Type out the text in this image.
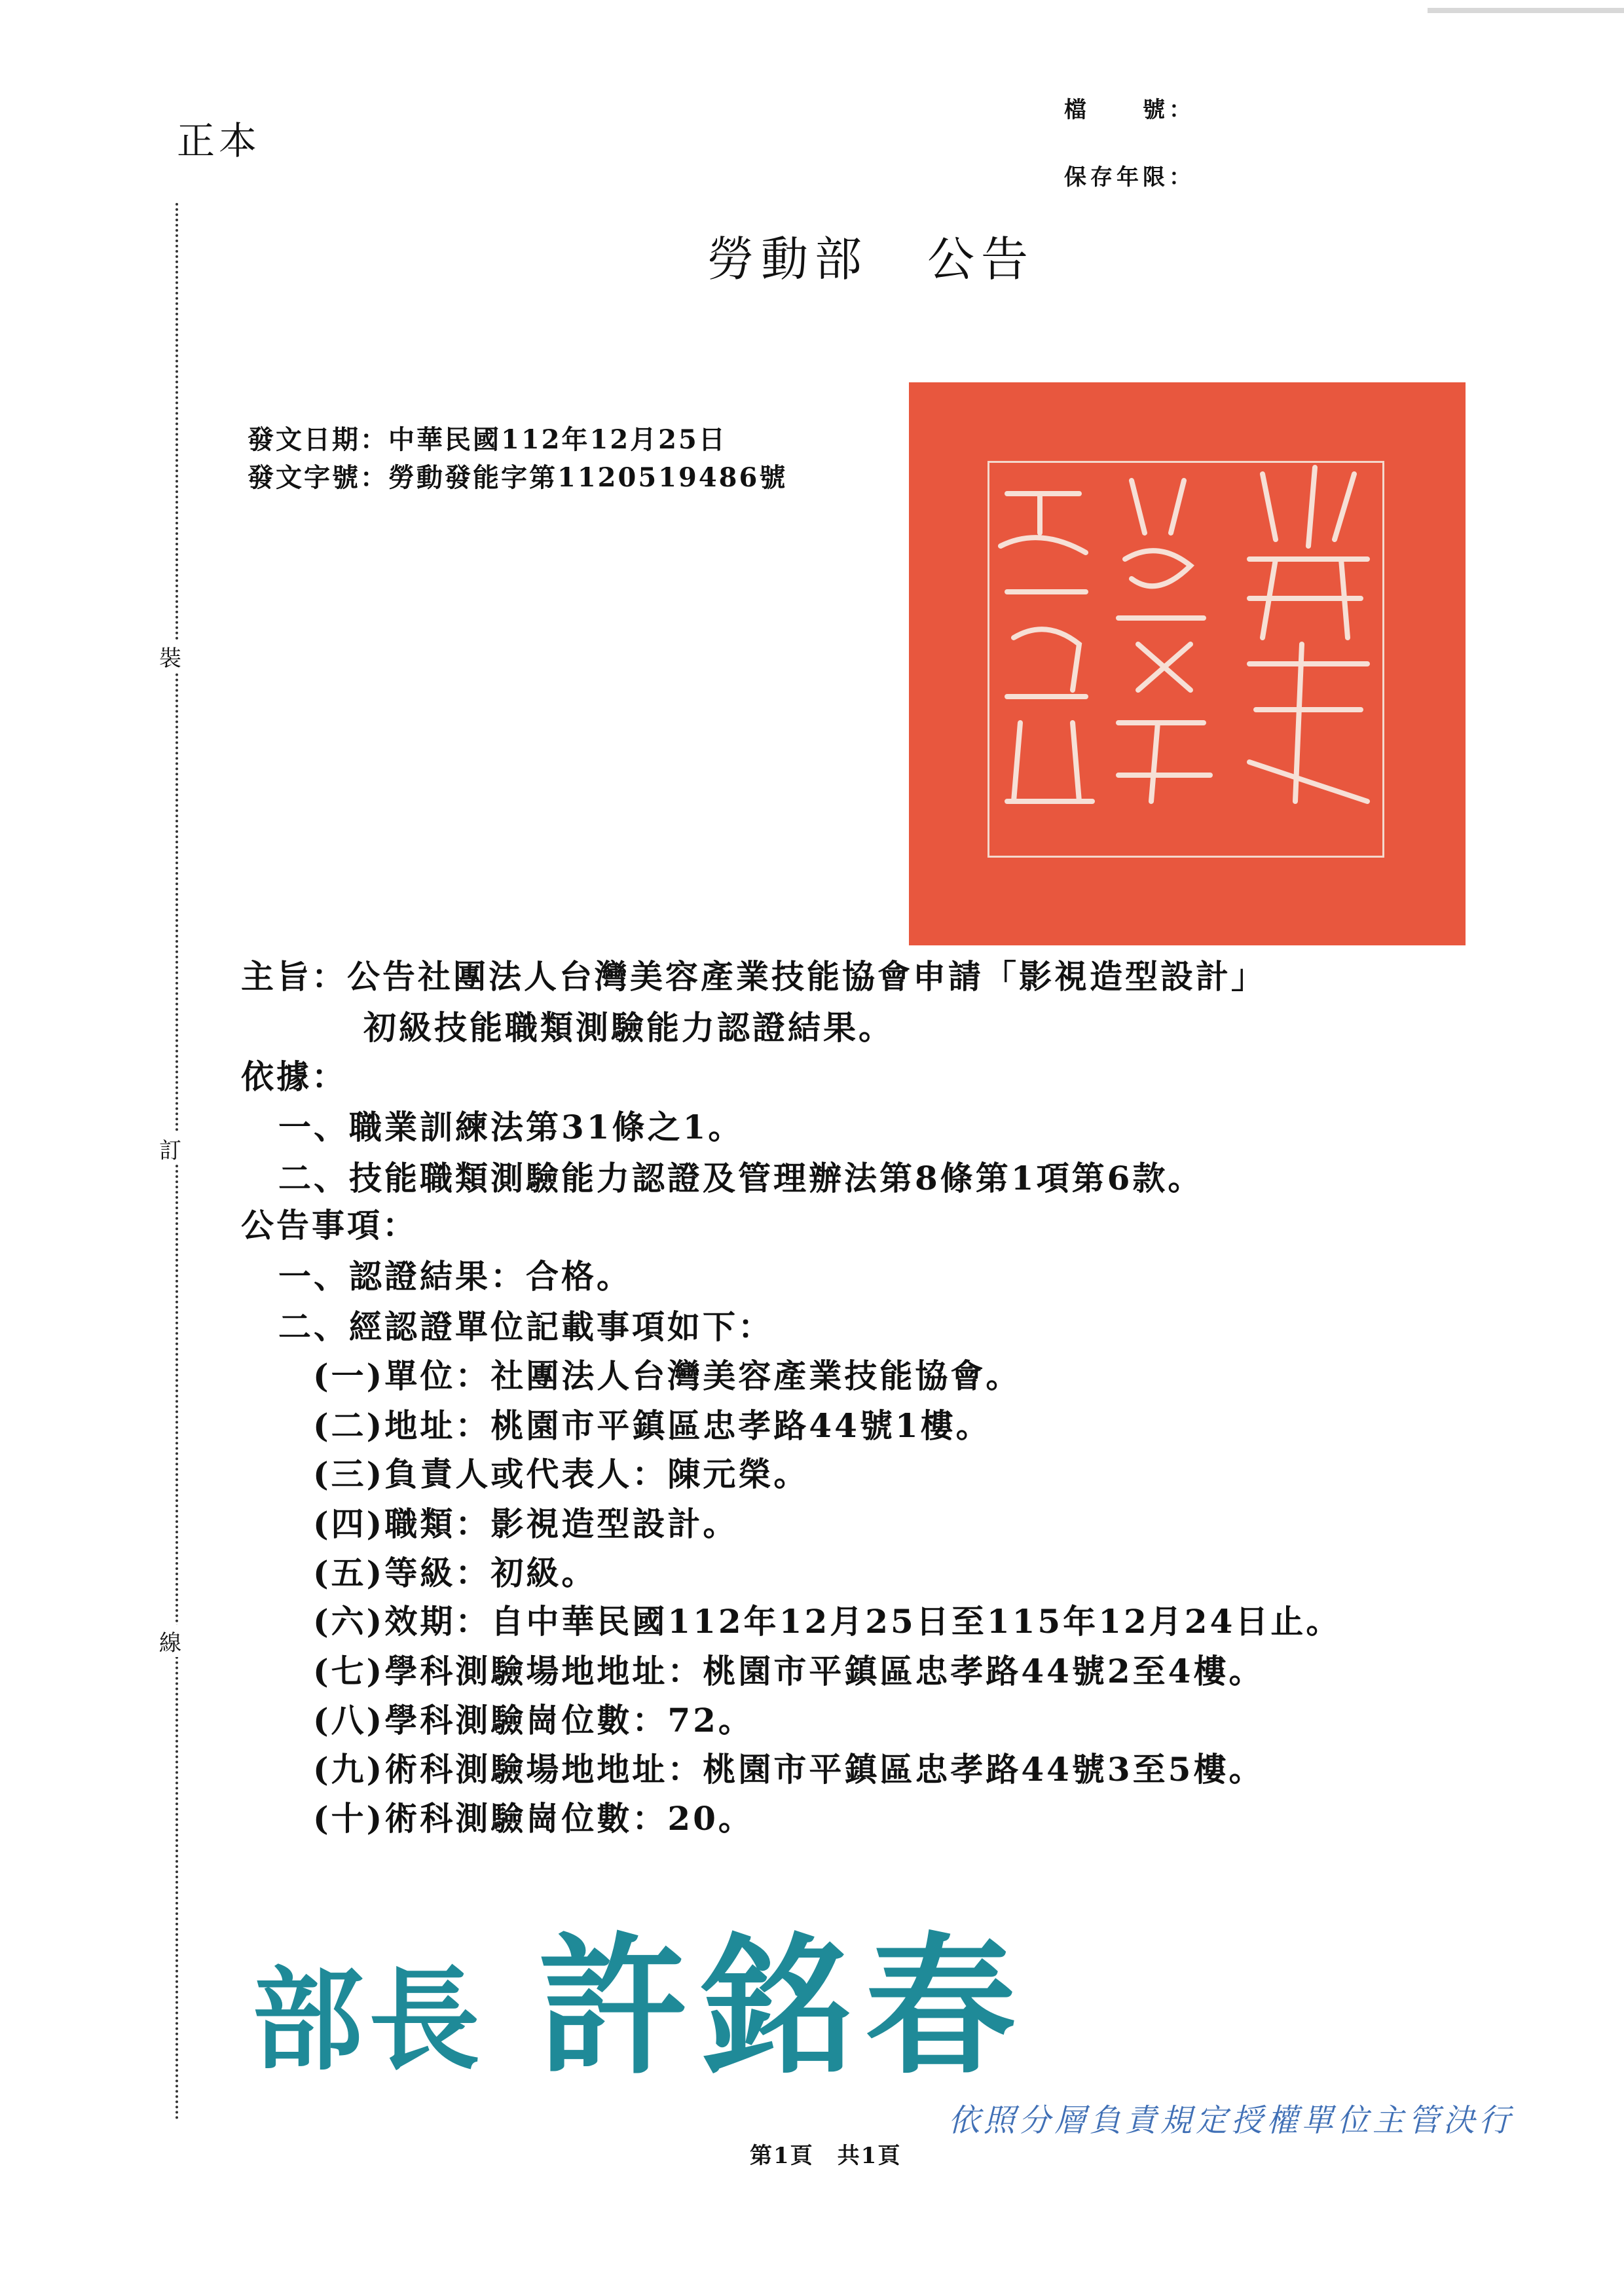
正本
檔　　號：
保存年限：
勞動部 公告
發文日期：中華民國112年12月25日
發文字號：勞動發能字第1120519486號
裝
訂
線
主旨：公告社團法人台灣美容產業技能協會申請「影視造型設計」
初級技能職類測驗能力認證結果。
依據：
一、職業訓練法第31條之1。
二、技能職類測驗能力認證及管理辦法第8條第1項第6款。
公告事項：
一、認證結果：合格。
二、經認證單位記載事項如下：
(一)單位：社團法人台灣美容產業技能協會。
(二)地址：桃園市平鎮區忠孝路44號1樓。
(三)負責人或代表人：陳元榮。
(四)職類：影視造型設計。
(五)等級：初級。
(六)效期：自中華民國112年12月25日至115年12月24日止。
(七)學科測驗場地地址：桃園市平鎮區忠孝路44號2至4樓。
(八)學科測驗崗位數：72。
(九)術科測驗場地地址：桃園市平鎮區忠孝路44號3至5樓。
(十)術科測驗崗位數：20。
部長 許銘春
依照分層負責規定授權單位主管決行
第1頁　共1頁
